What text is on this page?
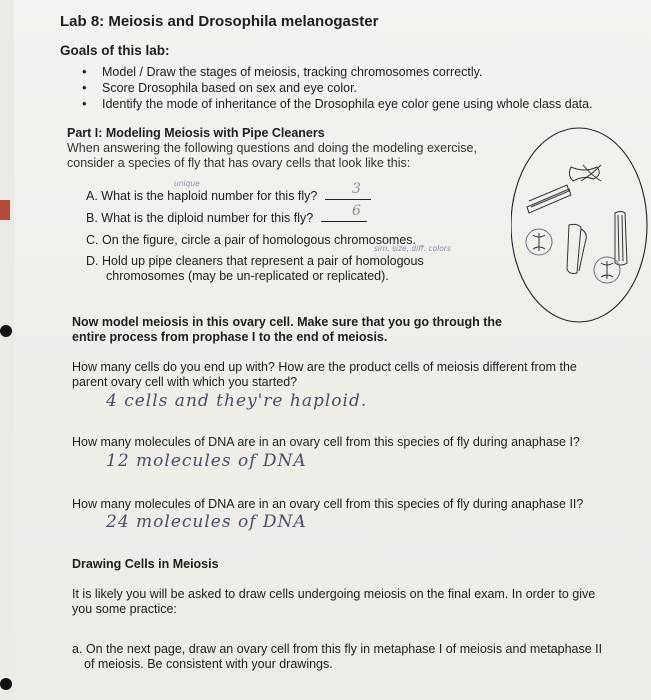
Lab 8: Meiosis and Drosophila melanogaster
Goals of this lab:
• Model / Draw the stages of meiosis, tracking chromosomes correctly.
• Score Drosophila based on sex and eye color.
• Identify the mode of inheritance of the Drosophila eye color gene using whole class data.
Part I: Modeling Meiosis with Pipe Cleaners
When answering the following questions and doing the modeling exercise,
consider a species of fly that has ovary cells that look like this:
unique
A. What is the haploid number for this fly?	3
B. What is the diploid number for this fly?	6
C. On the figure, circle a pair of homologous chromosomes.
sim. size, diff. colors
D. Hold up pipe cleaners that represent a pair of homologous
chromosomes (may be un-replicated or replicated).
Now model meiosis in this ovary cell. Make sure that you go through the
entire process from prophase I to the end of meiosis.
How many cells do you end up with? How are the product cells of meiosis different from the
parent ovary cell with which you started?
4 cells and they're haploid.
How many molecules of DNA are in an ovary cell from this species of fly during anaphase I?
12 molecules of DNA
How many molecules of DNA are in an ovary cell from this species of fly during anaphase II?
24 molecules of DNA
Drawing Cells in Meiosis
It is likely you will be asked to draw cells undergoing meiosis on the final exam. In order to give
you some practice:
a. On the next page, draw an ovary cell from this fly in metaphase I of meiosis and metaphase II
of meiosis. Be consistent with your drawings.
